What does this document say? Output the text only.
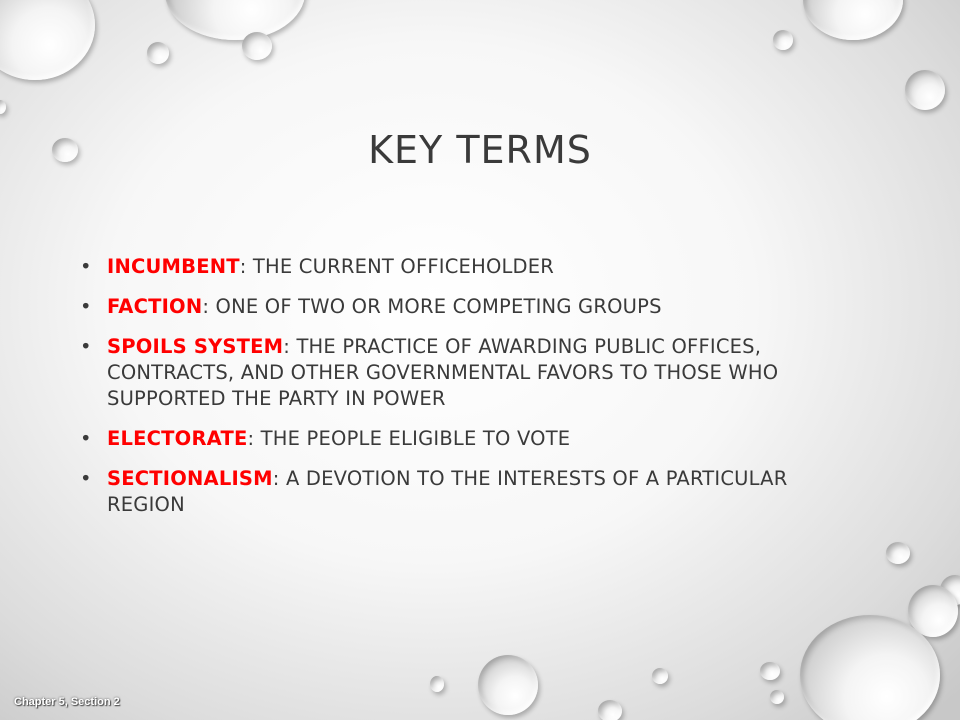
KEY TERMS
• INCUMBENT: THE CURRENT OFFICEHOLDER
• FACTION: ONE OF TWO OR MORE COMPETING GROUPS
• SPOILS SYSTEM: THE PRACTICE OF AWARDING PUBLIC OFFICES, CONTRACTS, AND OTHER GOVERNMENTAL FAVORS TO THOSE WHO SUPPORTED THE PARTY IN POWER
• ELECTORATE: THE PEOPLE ELIGIBLE TO VOTE
• SECTIONALISM: A DEVOTION TO THE INTERESTS OF A PARTICULAR REGION
Chapter 5, Section 2
